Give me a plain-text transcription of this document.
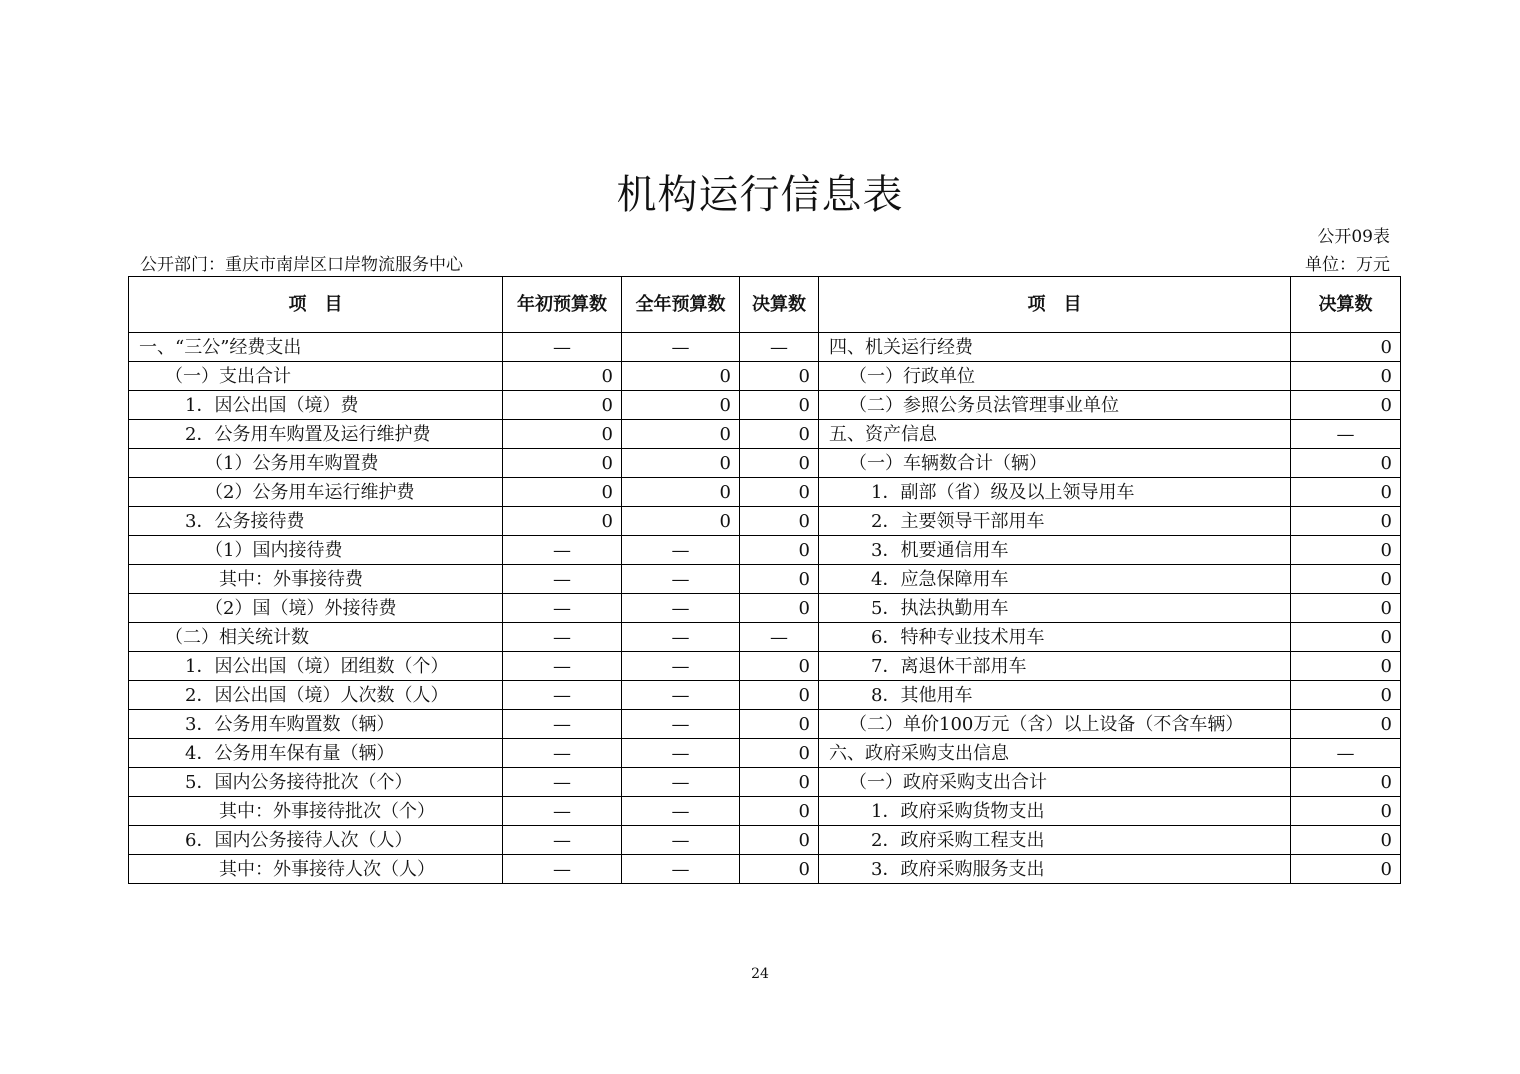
机构运行信息表
公开09表
公开部门：重庆市南岸区口岸物流服务中心	单位：万元
项　目	年初预算数	全年预算数	决算数	项　目	决算数
一、“三公”经费支出	—	—	—	四、机关运行经费	0
（一）支出合计	0	0	0	（一）行政单位	0
1．因公出国（境）费	0	0	0	（二）参照公务员法管理事业单位	0
2．公务用车购置及运行维护费	0	0	0	五、资产信息	—
（1）公务用车购置费	0	0	0	（一）车辆数合计（辆）	0
（2）公务用车运行维护费	0	0	0	1．副部（省）级及以上领导用车	0
3．公务接待费	0	0	0	2．主要领导干部用车	0
（1）国内接待费	—	—	0	3．机要通信用车	0
其中：外事接待费	—	—	0	4．应急保障用车	0
（2）国（境）外接待费	—	—	0	5．执法执勤用车	0
（二）相关统计数	—	—	—	6．特种专业技术用车	0
1．因公出国（境）团组数（个）	—	—	0	7．离退休干部用车	0
2．因公出国（境）人次数（人）	—	—	0	8．其他用车	0
3．公务用车购置数（辆）	—	—	0	（二）单价100万元（含）以上设备（不含车辆）	0
4．公务用车保有量（辆）	—	—	0	六、政府采购支出信息	—
5．国内公务接待批次（个）	—	—	0	（一）政府采购支出合计	0
其中：外事接待批次（个）	—	—	0	1．政府采购货物支出	0
6．国内公务接待人次（人）	—	—	0	2．政府采购工程支出	0
其中：外事接待人次（人）	—	—	0	3．政府采购服务支出	0
24
